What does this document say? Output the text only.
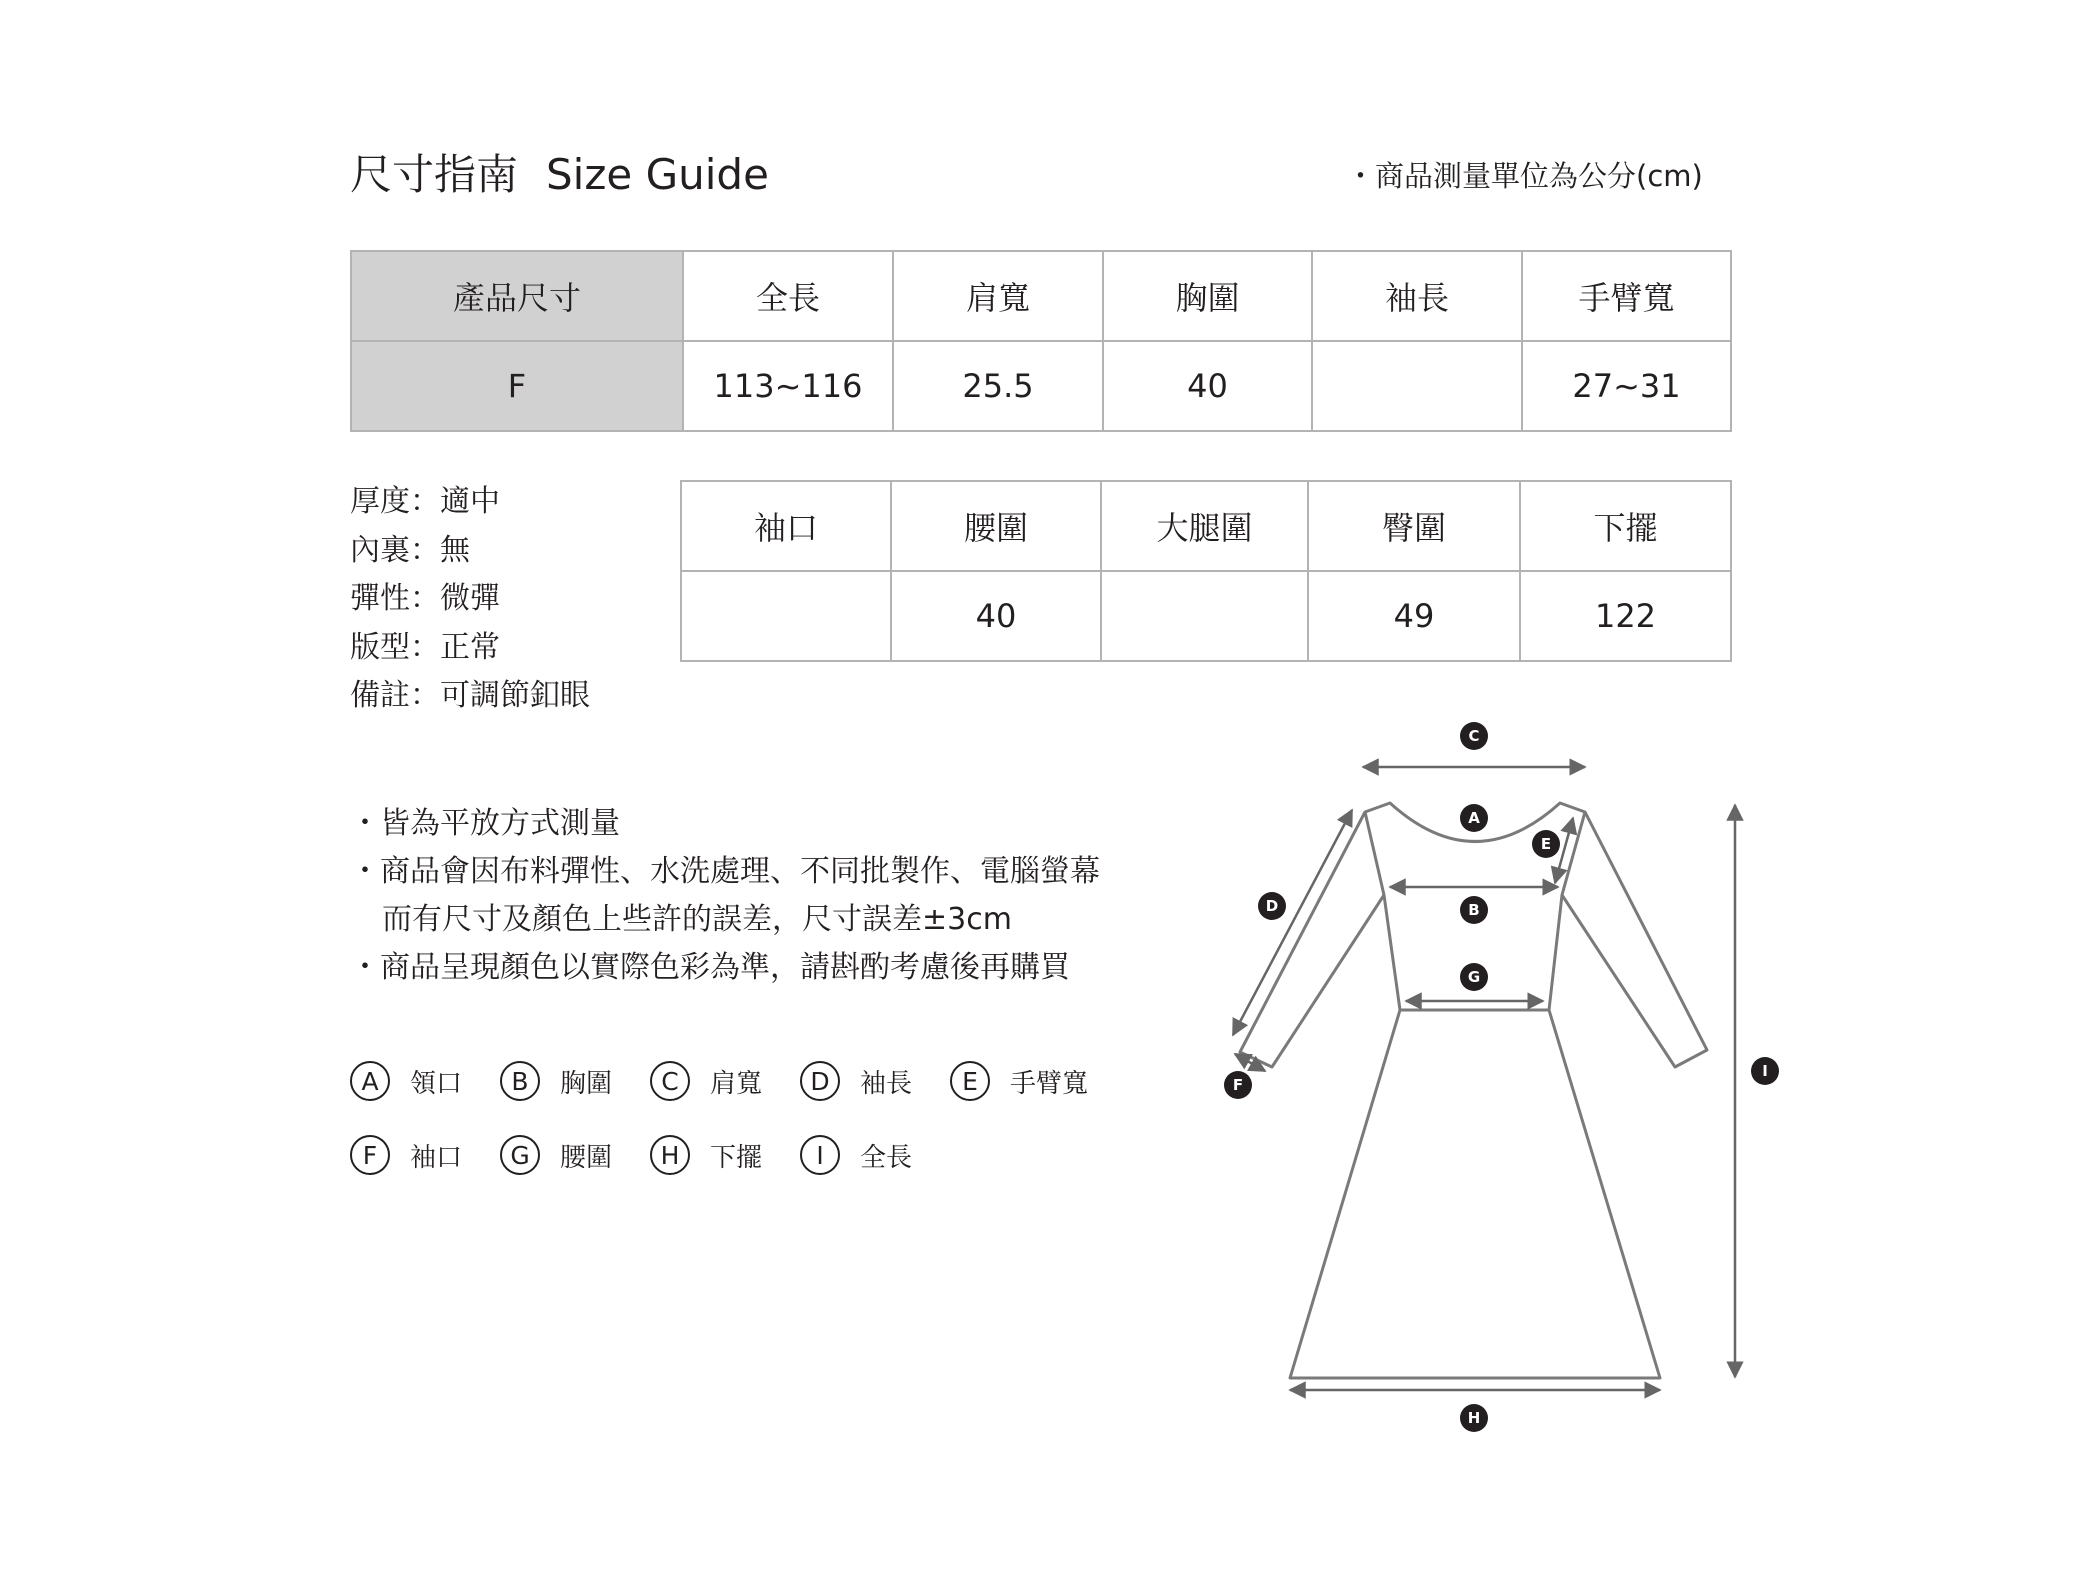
尺寸指南 Size Guide	・商品測量單位為公分(cm)
產品尺寸	全長	肩寬	胸圍	袖長	手臂寬
F	113~116	25.5	40		27~31
厚度：適中
內裏：無
彈性：微彈
版型：正常
備註：可調節釦眼
袖口	腰圍	大腿圍	臀圍	下擺
	40		49	122
・皆為平放方式測量
・商品會因布料彈性、水洗處理、不同批製作、電腦螢幕
而有尺寸及顏色上些許的誤差，尺寸誤差±3cm
・商品呈現顏色以實際色彩為準，請斟酌考慮後再購買
A	領口	B	胸圍	C	肩寬	D	袖長	E	手臂寬
F	袖口	G	腰圍	H	下擺	I	全長
A
B
C
D
E
F
G
H
I
